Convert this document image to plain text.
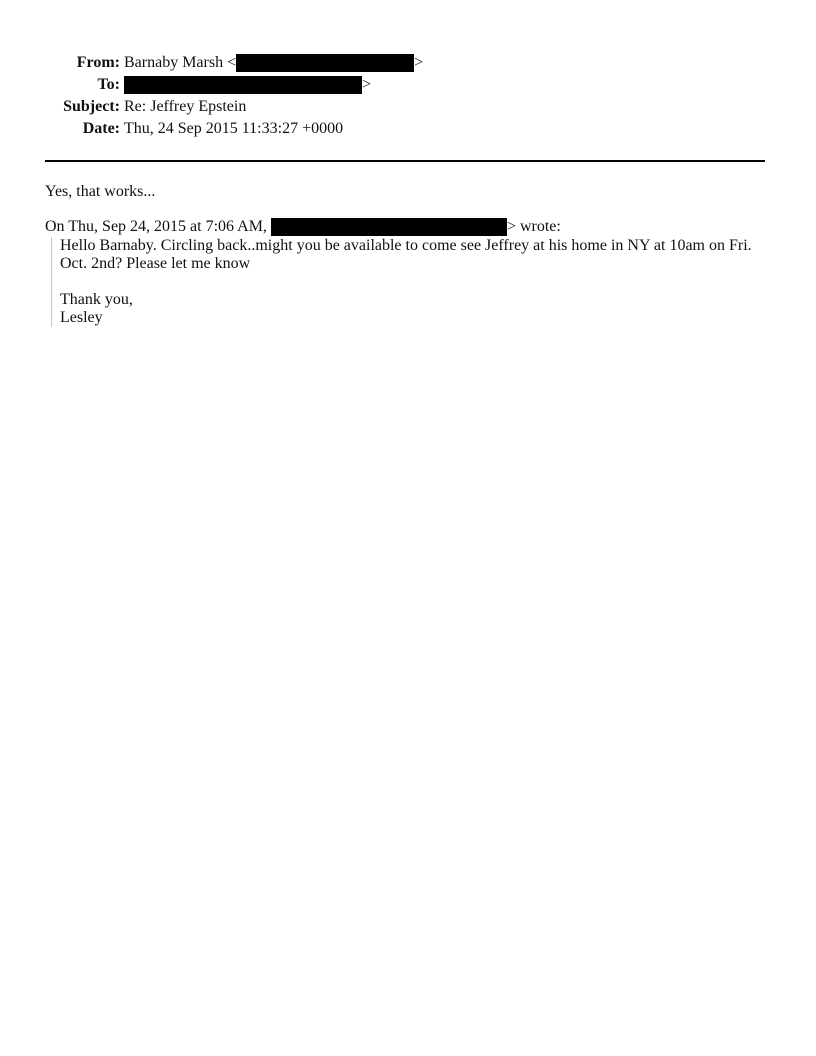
From: Barnaby Marsh <	>
To:	>
Subject: Re: Jeffrey Epstein
Date: Thu, 24 Sep 2015 11:33:27 +0000
Yes, that works...
On Thu, Sep 24, 2015 at 7:06 AM,	> wrote:

Hello Barnaby. Circling back..might you be available to come see Jeffrey at his home in NY at 10am on Fri. Oct. 2nd? Please let me know

Thank you,

Lesley
